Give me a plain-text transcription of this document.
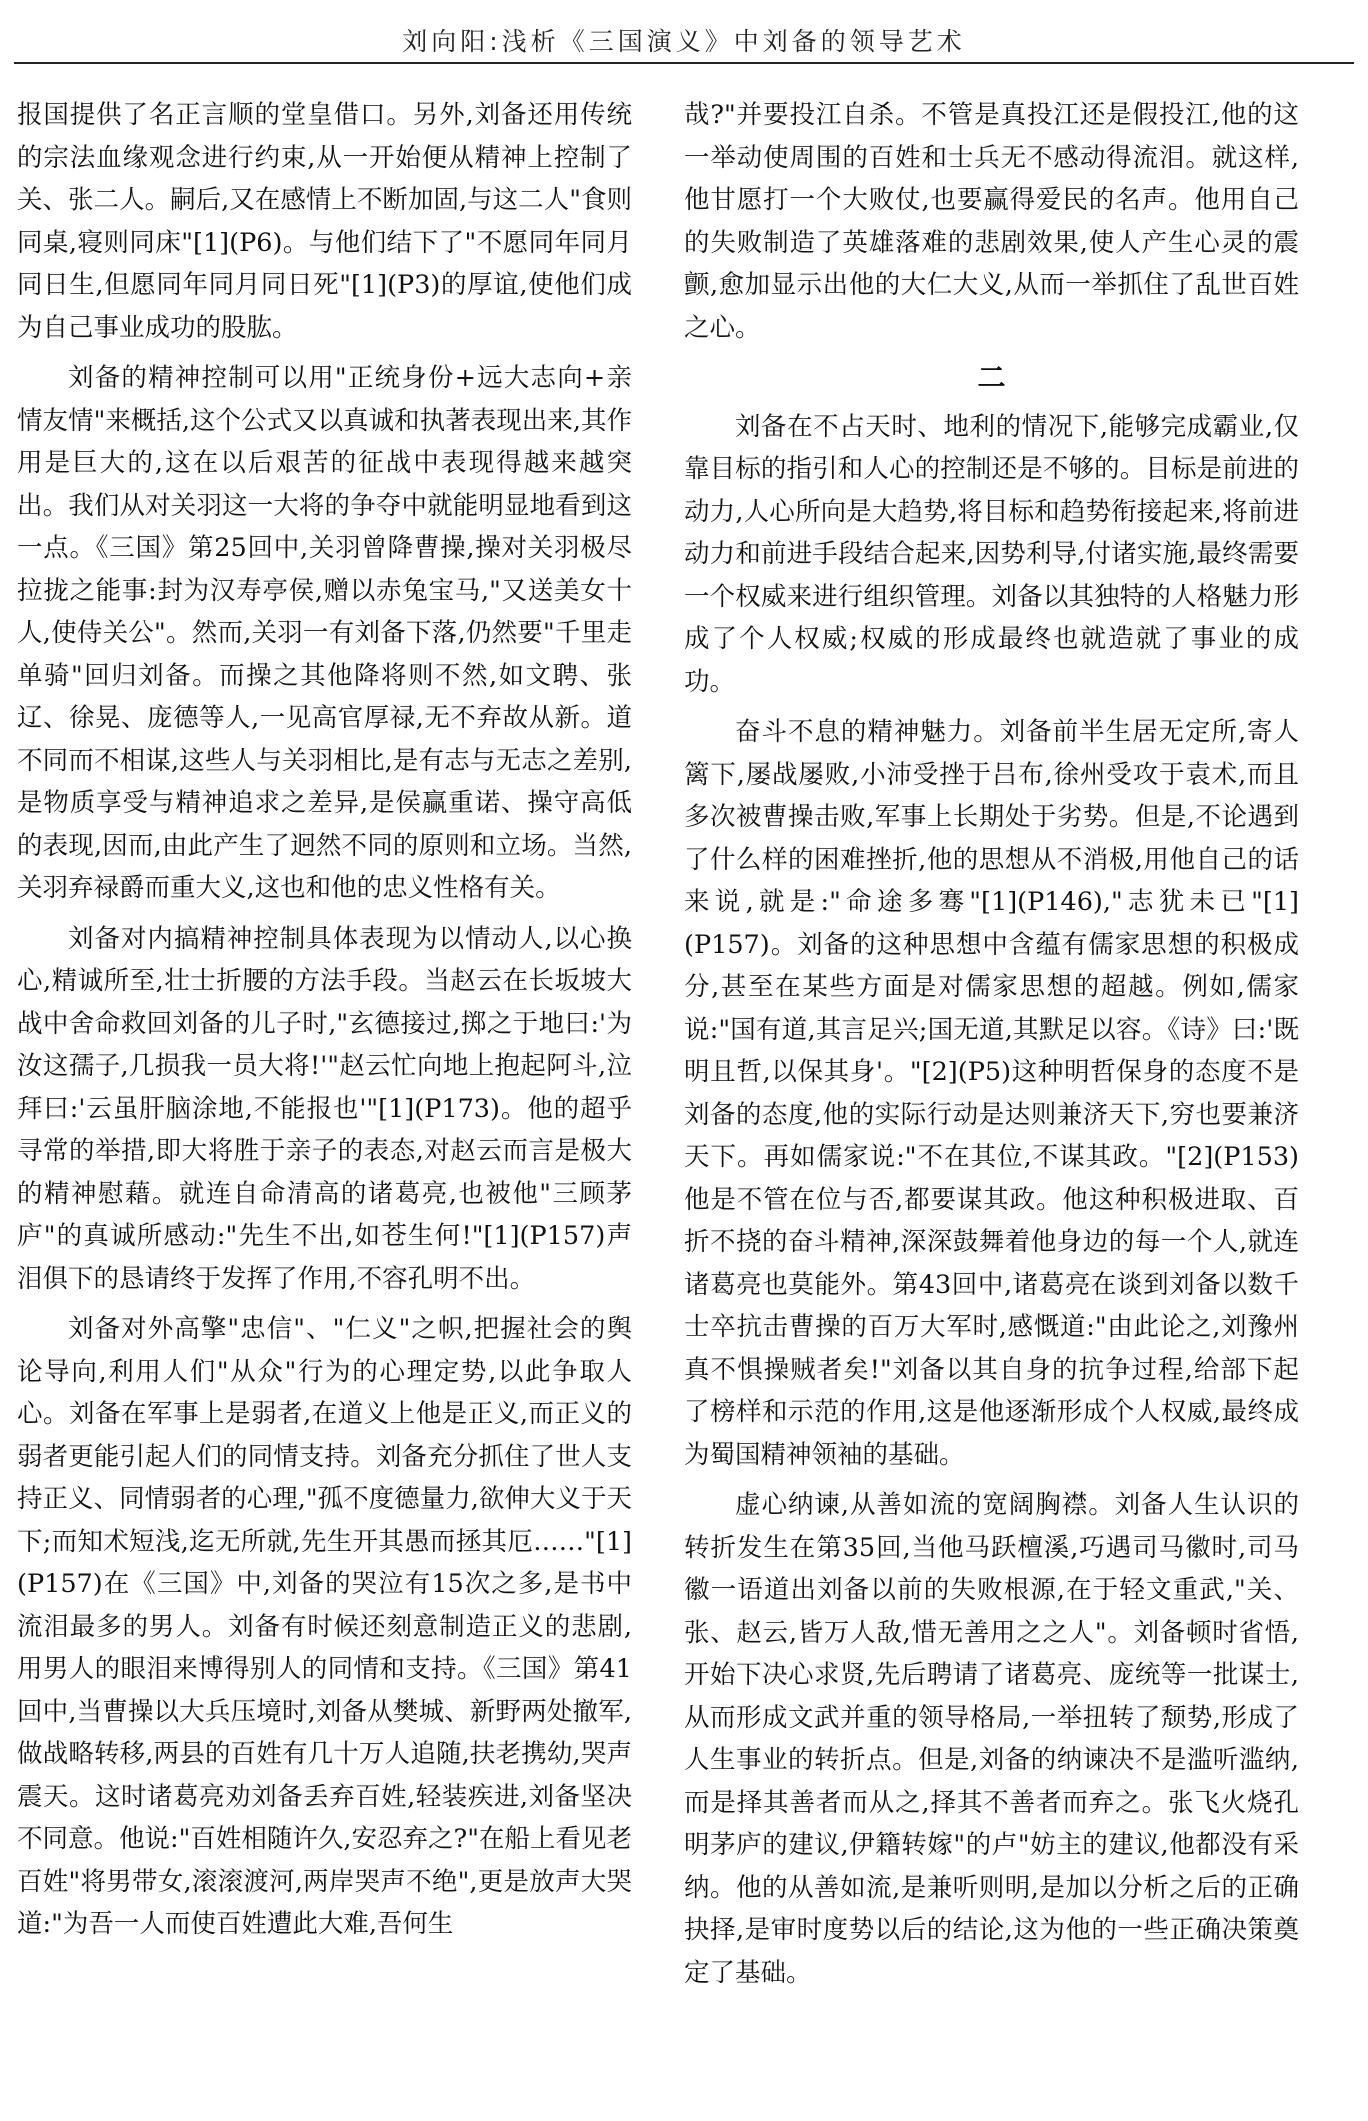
刘向阳:浅析《三国演义》中刘备的领导艺术

报国提供了名正言顺的堂皇借口。另外,刘备还用传统的宗法血缘观念进行约束,从一开始便从精神上控制了关、张二人。嗣后,又在感情上不断加固,与这二人"食则同桌,寝则同床"[1](P6)。与他们结下了"不愿同年同月同日生,但愿同年同月同日死"[1](P3)的厚谊,使他们成为自己事业成功的股肱。

刘备的精神控制可以用"正统身份+远大志向+亲情友情"来概括,这个公式又以真诚和执著表现出来,其作用是巨大的,这在以后艰苦的征战中表现得越来越突出。我们从对关羽这一大将的争夺中就能明显地看到这一点。《三国》第25回中,关羽曾降曹操,操对关羽极尽拉拢之能事:封为汉寿亭侯,赠以赤兔宝马,"又送美女十人,使侍关公"。然而,关羽一有刘备下落,仍然要"千里走单骑"回归刘备。而操之其他降将则不然,如文聘、张辽、徐晃、庞德等人,一见高官厚禄,无不弃故从新。道不同而不相谋,这些人与关羽相比,是有志与无志之差别,是物质享受与精神追求之差异,是侯赢重诺、操守高低的表现,因而,由此产生了迥然不同的原则和立场。当然,关羽弃禄爵而重大义,这也和他的忠义性格有关。

刘备对内搞精神控制具体表现为以情动人,以心换心,精诚所至,壮士折腰的方法手段。当赵云在长坂坡大战中舍命救回刘备的儿子时,"玄德接过,掷之于地曰:'为汝这孺子,几损我一员大将!'"赵云忙向地上抱起阿斗,泣拜曰:'云虽肝脑涂地,不能报也'"[1](P173)。他的超乎寻常的举措,即大将胜于亲子的表态,对赵云而言是极大的精神慰藉。就连自命清高的诸葛亮,也被他"三顾茅庐"的真诚所感动:"先生不出,如苍生何!"[1](P157)声泪俱下的恳请终于发挥了作用,不容孔明不出。

刘备对外高擎"忠信"、"仁义"之帜,把握社会的舆论导向,利用人们"从众"行为的心理定势,以此争取人心。刘备在军事上是弱者,在道义上他是正义,而正义的弱者更能引起人们的同情支持。刘备充分抓住了世人支持正义、同情弱者的心理,"孤不度德量力,欲伸大义于天下;而知术短浅,迄无所就,先生开其愚而拯其厄……"[1](P157)在《三国》中,刘备的哭泣有15次之多,是书中流泪最多的男人。刘备有时候还刻意制造正义的悲剧,用男人的眼泪来博得别人的同情和支持。《三国》第41回中,当曹操以大兵压境时,刘备从樊城、新野两处撤军,做战略转移,两县的百姓有几十万人追随,扶老携幼,哭声震天。这时诸葛亮劝刘备丢弃百姓,轻装疾进,刘备坚决不同意。他说:"百姓相随许久,安忍弃之?"在船上看见老百姓"将男带女,滚滚渡河,两岸哭声不绝",更是放声大哭道:"为吾一人而使百姓遭此大难,吾何生

哉?"并要投江自杀。不管是真投江还是假投江,他的这一举动使周围的百姓和士兵无不感动得流泪。就这样,他甘愿打一个大败仗,也要赢得爱民的名声。他用自己的失败制造了英雄落难的悲剧效果,使人产生心灵的震颤,愈加显示出他的大仁大义,从而一举抓住了乱世百姓之心。

二

刘备在不占天时、地利的情况下,能够完成霸业,仅靠目标的指引和人心的控制还是不够的。目标是前进的动力,人心所向是大趋势,将目标和趋势衔接起来,将前进动力和前进手段结合起来,因势利导,付诸实施,最终需要一个权威来进行组织管理。刘备以其独特的人格魅力形成了个人权威;权威的形成最终也就造就了事业的成功。

奋斗不息的精神魅力。刘备前半生居无定所,寄人篱下,屡战屡败,小沛受挫于吕布,徐州受攻于袁术,而且多次被曹操击败,军事上长期处于劣势。但是,不论遇到了什么样的困难挫折,他的思想从不消极,用他自己的话来说,就是:"命途多骞"[1](P146),"志犹未已"[1](P157)。刘备的这种思想中含蕴有儒家思想的积极成分,甚至在某些方面是对儒家思想的超越。例如,儒家说:"国有道,其言足兴;国无道,其默足以容。《诗》曰:'既明且哲,以保其身'。"[2](P5)这种明哲保身的态度不是刘备的态度,他的实际行动是达则兼济天下,穷也要兼济天下。再如儒家说:"不在其位,不谋其政。"[2](P153)他是不管在位与否,都要谋其政。他这种积极进取、百折不挠的奋斗精神,深深鼓舞着他身边的每一个人,就连诸葛亮也莫能外。第43回中,诸葛亮在谈到刘备以数千士卒抗击曹操的百万大军时,感慨道:"由此论之,刘豫州真不惧操贼者矣!"刘备以其自身的抗争过程,给部下起了榜样和示范的作用,这是他逐渐形成个人权威,最终成为蜀国精神领袖的基础。

虚心纳谏,从善如流的宽阔胸襟。刘备人生认识的转折发生在第35回,当他马跃檀溪,巧遇司马徽时,司马徽一语道出刘备以前的失败根源,在于轻文重武,"关、张、赵云,皆万人敌,惜无善用之之人"。刘备顿时省悟,开始下决心求贤,先后聘请了诸葛亮、庞统等一批谋士,从而形成文武并重的领导格局,一举扭转了颓势,形成了人生事业的转折点。但是,刘备的纳谏决不是滥听滥纳,而是择其善者而从之,择其不善者而弃之。张飞火烧孔明茅庐的建议,伊籍转嫁"的卢"妨主的建议,他都没有采纳。他的从善如流,是兼听则明,是加以分析之后的正确抉择,是审时度势以后的结论,这为他的一些正确决策奠定了基础。
